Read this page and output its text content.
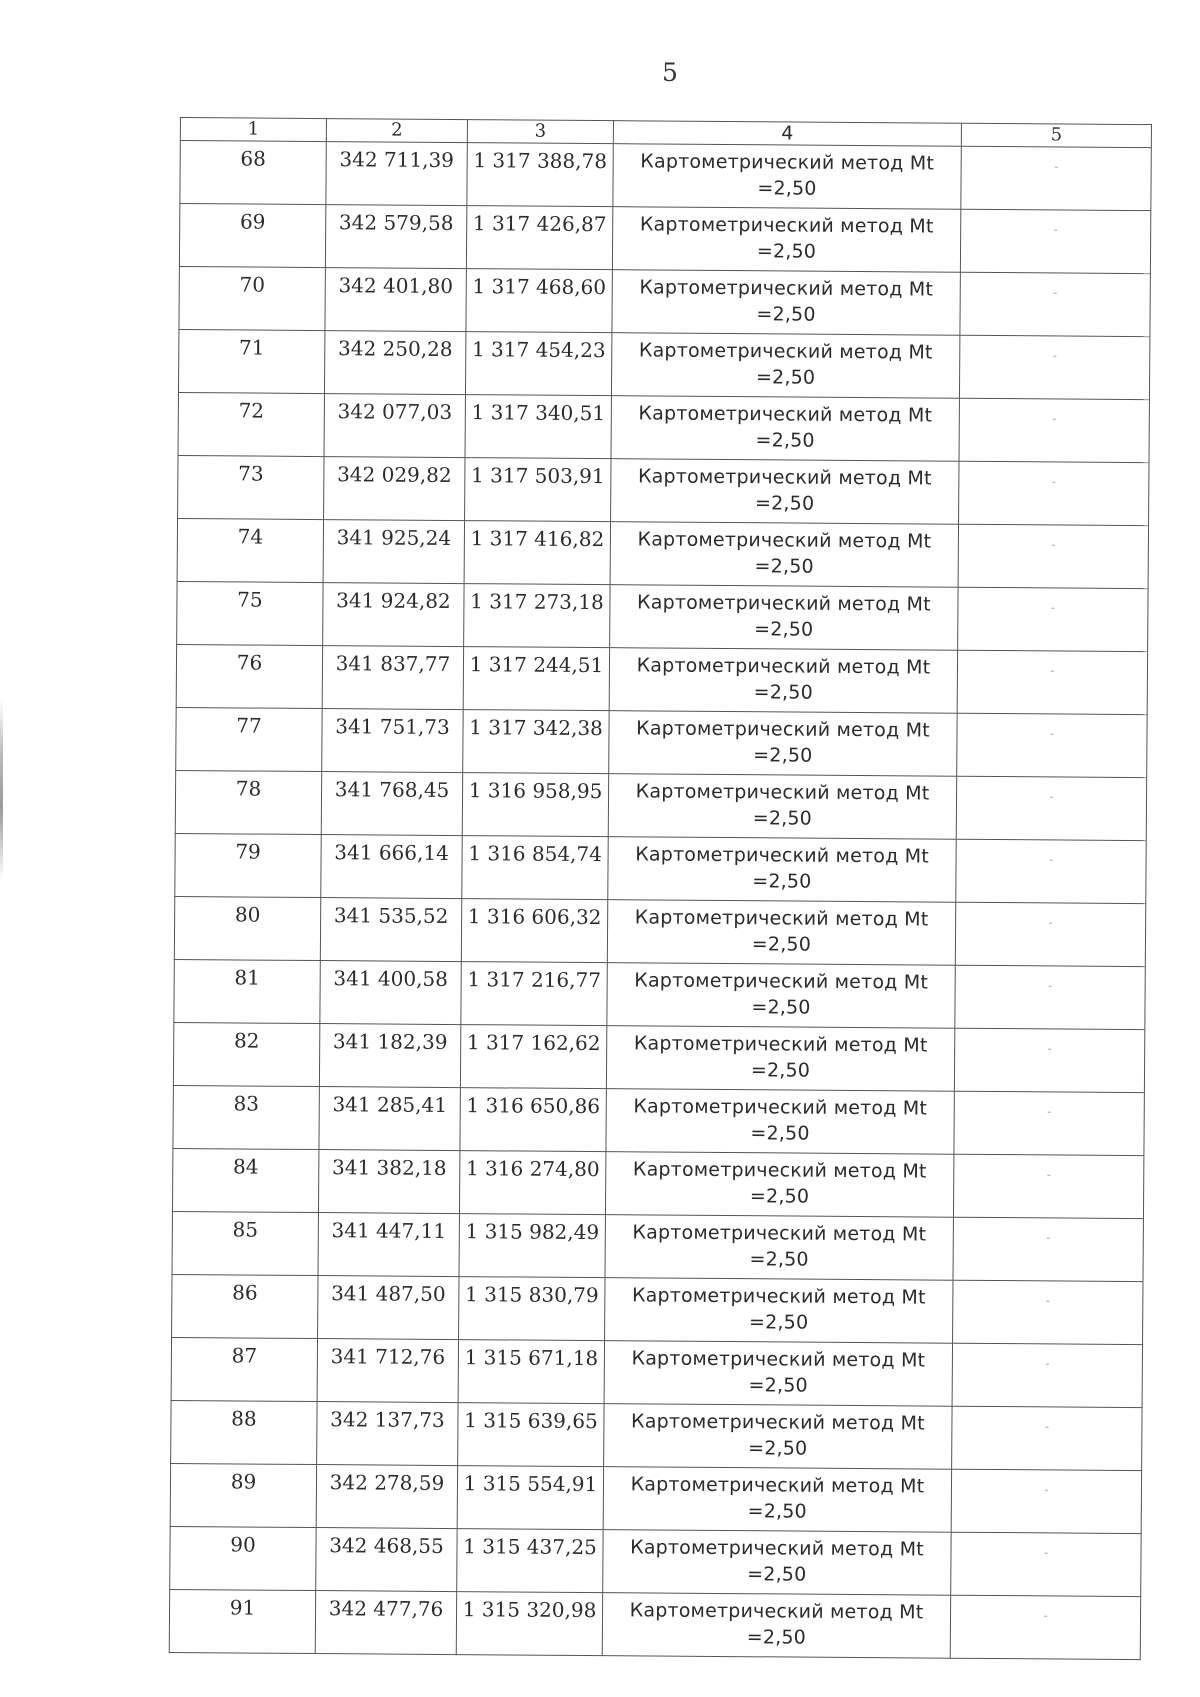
5
1	2	3	4	5
68	342 711,39	1 317 388,78	Картометрический метод Mt
=2,50	-
69	342 579,58	1 317 426,87	Картометрический метод Mt
=2,50	-
70	342 401,80	1 317 468,60	Картометрический метод Mt
=2,50	-
71	342 250,28	1 317 454,23	Картометрический метод Mt
=2,50	-
72	342 077,03	1 317 340,51	Картометрический метод Mt
=2,50	-
73	342 029,82	1 317 503,91	Картометрический метод Mt
=2,50	-
74	341 925,24	1 317 416,82	Картометрический метод Mt
=2,50	-
75	341 924,82	1 317 273,18	Картометрический метод Mt
=2,50	-
76	341 837,77	1 317 244,51	Картометрический метод Mt
=2,50	-
77	341 751,73	1 317 342,38	Картометрический метод Mt
=2,50	-
78	341 768,45	1 316 958,95	Картометрический метод Mt
=2,50	-
79	341 666,14	1 316 854,74	Картометрический метод Mt
=2,50	-
80	341 535,52	1 316 606,32	Картометрический метод Mt
=2,50	-
81	341 400,58	1 317 216,77	Картометрический метод Mt
=2,50	-
82	341 182,39	1 317 162,62	Картометрический метод Mt
=2,50	-
83	341 285,41	1 316 650,86	Картометрический метод Mt
=2,50	-
84	341 382,18	1 316 274,80	Картометрический метод Mt
=2,50	-
85	341 447,11	1 315 982,49	Картометрический метод Mt
=2,50	-
86	341 487,50	1 315 830,79	Картометрический метод Mt
=2,50	-
87	341 712,76	1 315 671,18	Картометрический метод Mt
=2,50	-
88	342 137,73	1 315 639,65	Картометрический метод Mt
=2,50	-
89	342 278,59	1 315 554,91	Картометрический метод Mt
=2,50	-
90	342 468,55	1 315 437,25	Картометрический метод Mt
=2,50	-
91	342 477,76	1 315 320,98	Картометрический метод Mt
=2,50	-
